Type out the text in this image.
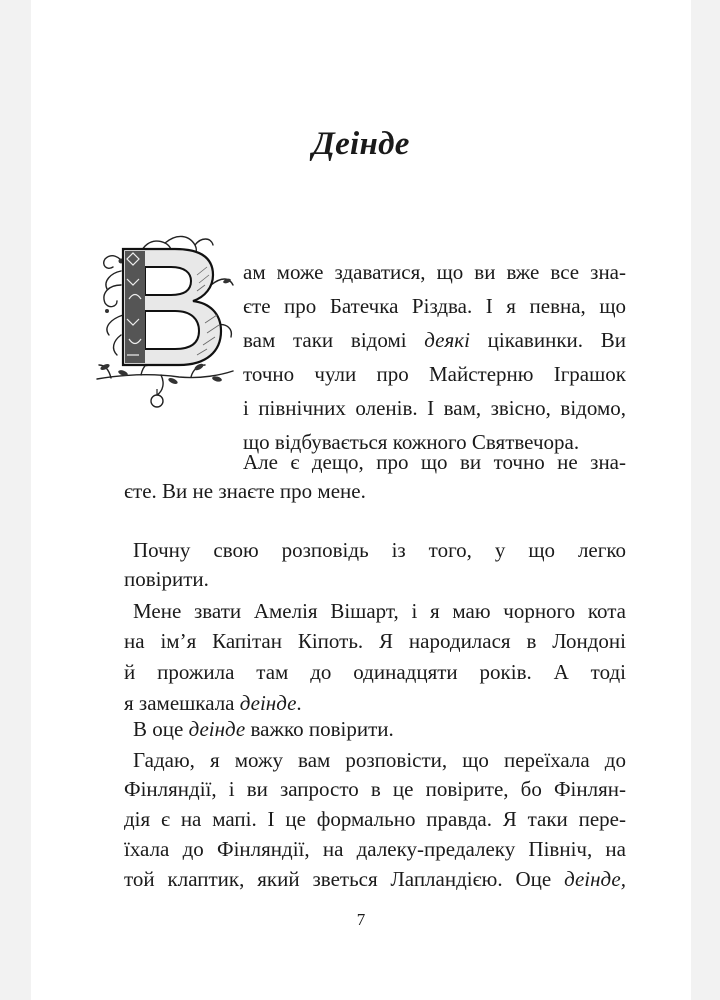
Деінде
ам може здаватися, що ви вже все зна-
єте про Батечка Різдва. І я певна, що
вам таки відомі деякі цікавинки. Ви
точно чули про Майстерню Іграшок
і північних оленів. І вам, звісно, відомо,
що відбувається кожного Святвечора.
Але є дещо, про що ви точно не зна-
єте. Ви не знаєте про мене.
Почну свою розповідь із того, у що легко
повірити.
Мене звати Амелія Вішарт, і я маю чорного кота
на ім’я Капітан Кіпоть. Я народилася в Лондоні
й прожила там до одинадцяти років. А тоді
я замешкала деінде.
В оце деінде важко повірити.
Гадаю, я можу вам розповісти, що переїхала до
Фінляндії, і ви запросто в це повірите, бо Фінлян-
дія є на мапі. І це формально правда. Я таки пере-
їхала до Фінляндії, на далеку-предалеку Північ, на
той клаптик, який зветься Лапландією. Оце деінде,
7
